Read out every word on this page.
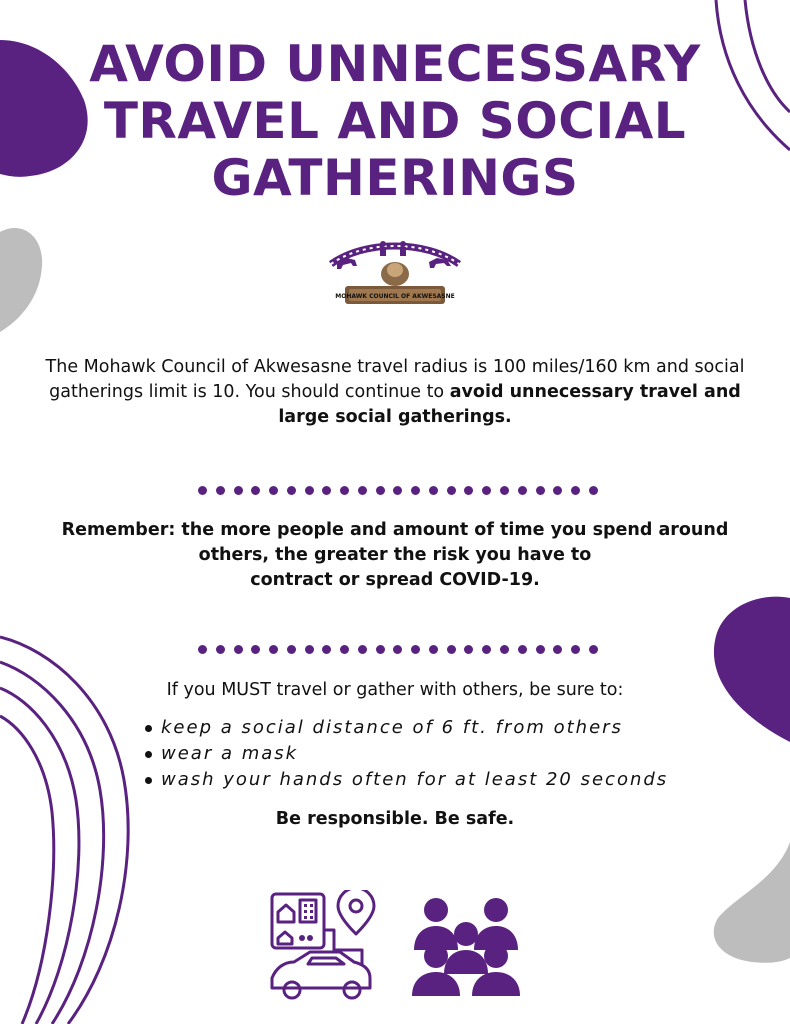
AVOID UNNECESSARY
TRAVEL AND SOCIAL
GATHERINGS
MOHAWK COUNCIL OF AKWESASNE

The Mohawk Council of Akwesasne travel radius is 100 miles/160 km and social gatherings limit is 10. You should continue to avoid unnecessary travel and large social gatherings.

Remember: the more people and amount of time you spend around
others, the greater the risk you have to
contract or spread COVID-19.

If you MUST travel or gather with others, be sure to:

keep a social distance of 6 ft. from others
wear a mask
wash your hands often for at least 20 seconds

Be responsible. Be safe.
